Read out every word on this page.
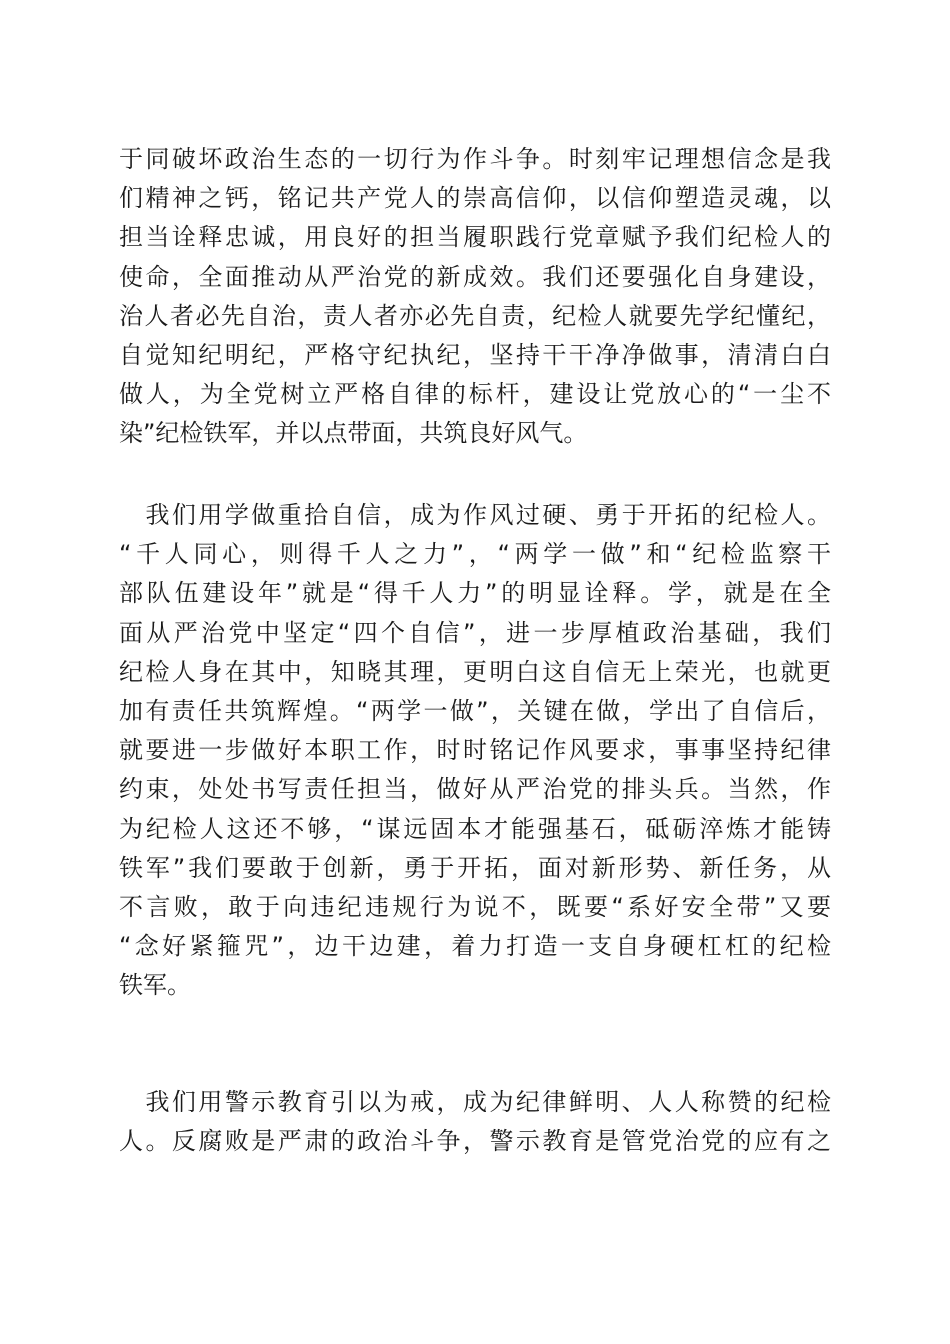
于同破坏政治生态的一切行为作斗争。时刻牢记理想信念是我
们精神之钙，铭记共产党人的崇高信仰，以信仰塑造灵魂，以
担当诠释忠诚，用良好的担当履职践行党章赋予我们纪检人的
使命，全面推动从严治党的新成效。我们还要强化自身建设，
治人者必先自治，责人者亦必先自责，纪检人就要先学纪懂纪，
自觉知纪明纪，严格守纪执纪，坚持干干净净做事，清清白白
做人，为全党树立严格自律的标杆，建设让党放心的“一尘不
染”纪检铁军，并以点带面，共筑良好风气。
　我们用学做重拾自信，成为作风过硬、勇于开拓的纪检人。
“千人同心，则得千人之力”，“两学一做”和“纪检监察干
部队伍建设年”就是“得千人力”的明显诠释。学，就是在全
面从严治党中坚定“四个自信”，进一步厚植政治基础，我们
纪检人身在其中，知晓其理，更明白这自信无上荣光，也就更
加有责任共筑辉煌。“两学一做”，关键在做，学出了自信后，
就要进一步做好本职工作，时时铭记作风要求，事事坚持纪律
约束，处处书写责任担当，做好从严治党的排头兵。当然，作
为纪检人这还不够，“谋远固本才能强基石，砥砺淬炼才能铸
铁军”我们要敢于创新，勇于开拓，面对新形势、新任务，从
不言败，敢于向违纪违规行为说不，既要“系好安全带”又要
“念好紧箍咒”，边干边建，着力打造一支自身硬杠杠的纪检
铁军。
　我们用警示教育引以为戒，成为纪律鲜明、人人称赞的纪检
人。反腐败是严肃的政治斗争，警示教育是管党治党的应有之
